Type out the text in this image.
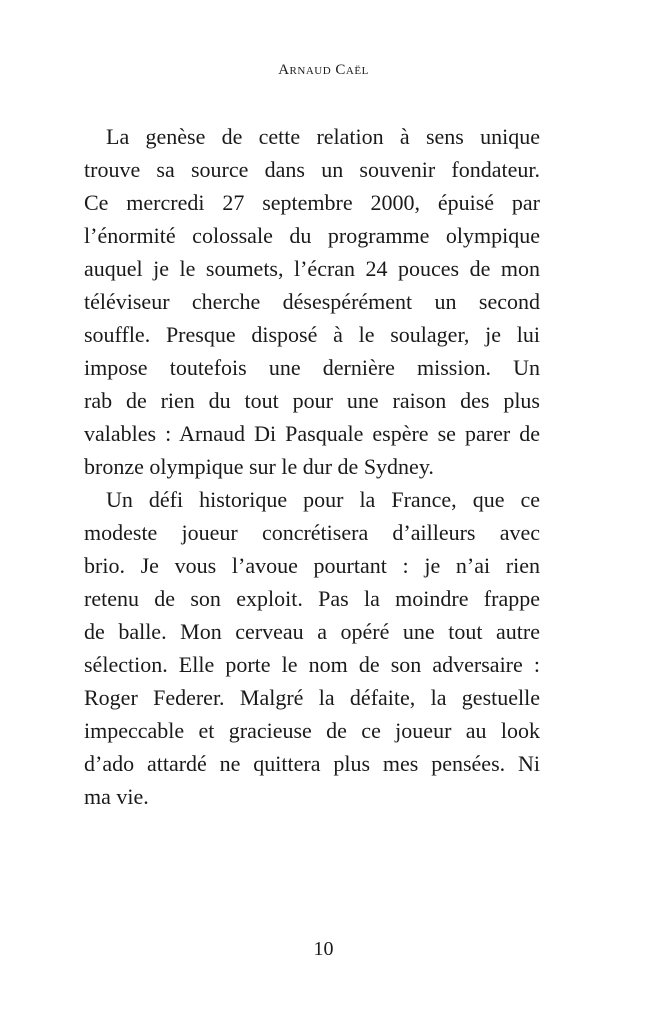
Arnaud Caël
La genèse de cette relation à sens unique
trouve sa source dans un souvenir fondateur.
Ce mercredi 27 septembre 2000, épuisé par
l’énormité colossale du programme olympique
auquel je le soumets, l’écran 24 pouces de mon
téléviseur cherche désespérément un second
souffle. Presque disposé à le soulager, je lui
impose toutefois une dernière mission. Un
rab de rien du tout pour une raison des plus
valables : Arnaud Di Pasquale espère se parer de
bronze olympique sur le dur de Sydney.
Un défi historique pour la France, que ce
modeste joueur concrétisera d’ailleurs avec
brio. Je vous l’avoue pourtant : je n’ai rien
retenu de son exploit. Pas la moindre frappe
de balle. Mon cerveau a opéré une tout autre
sélection. Elle porte le nom de son adversaire :
Roger Federer. Malgré la défaite, la gestuelle
impeccable et gracieuse de ce joueur au look
d’ado attardé ne quittera plus mes pensées. Ni
ma vie.
10
